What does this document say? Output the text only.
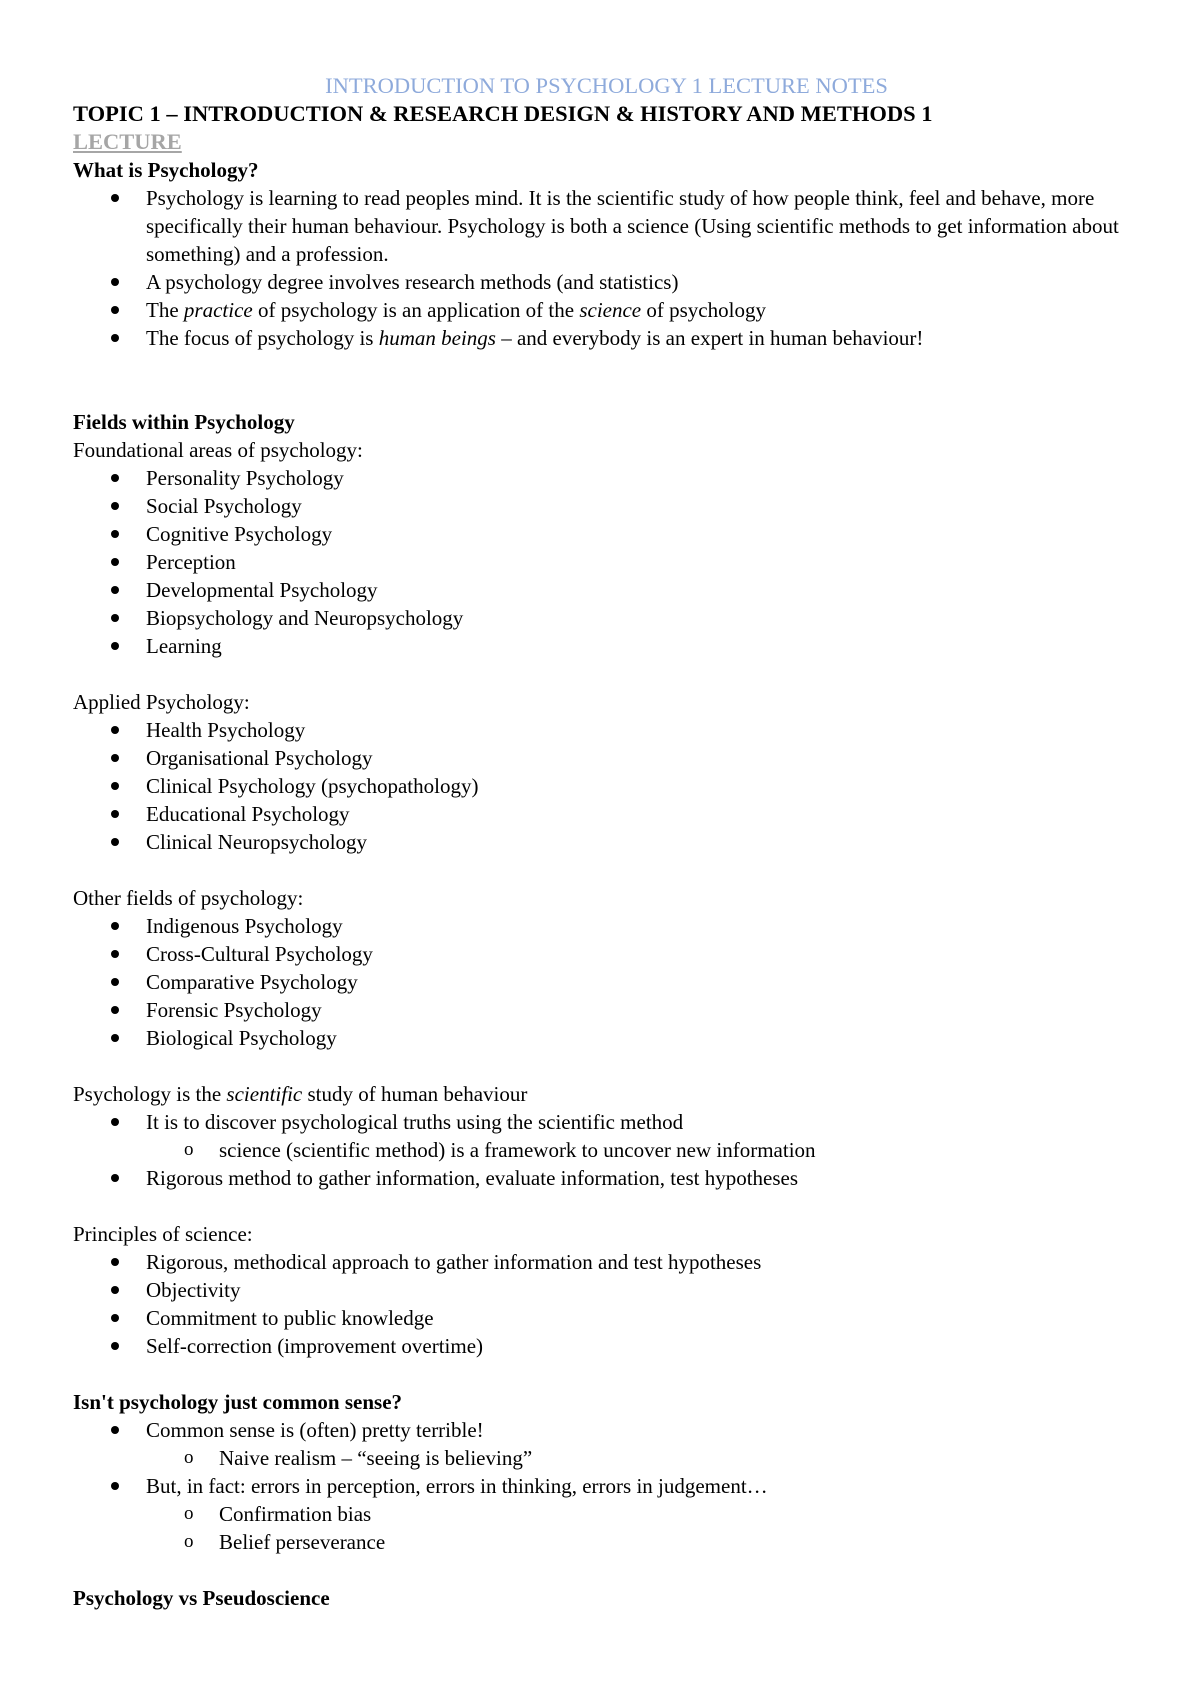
INTRODUCTION TO PSYCHOLOGY 1 LECTURE NOTES
TOPIC 1 – INTRODUCTION & RESEARCH DESIGN & HISTORY AND METHODS 1
LECTURE
What is Psychology?
Psychology is learning to read peoples mind. It is the scientific study of how people think, feel and behave, more specifically their human behaviour. Psychology is both a science (Using scientific methods to get information about something) and a profession.
A psychology degree involves research methods (and statistics)
The practice of psychology is an application of the science of psychology
The focus of psychology is human beings – and everybody is an expert in human behaviour!
Fields within Psychology
Foundational areas of psychology:
Personality Psychology
Social Psychology
Cognitive Psychology
Perception
Developmental Psychology
Biopsychology and Neuropsychology
Learning
Applied Psychology:
Health Psychology
Organisational Psychology
Clinical Psychology (psychopathology)
Educational Psychology
Clinical Neuropsychology
Other fields of psychology:
Indigenous Psychology
Cross-Cultural Psychology
Comparative Psychology
Forensic Psychology
Biological Psychology
Psychology is the scientific study of human behaviour
It is to discover psychological truths using the scientific method
o science (scientific method) is a framework to uncover new information
Rigorous method to gather information, evaluate information, test hypotheses
Principles of science:
Rigorous, methodical approach to gather information and test hypotheses
Objectivity
Commitment to public knowledge
Self-correction (improvement overtime)
Isn't psychology just common sense?
Common sense is (often) pretty terrible!
o Naive realism – “seeing is believing”
But, in fact: errors in perception, errors in thinking, errors in judgement…
o Confirmation bias
o Belief perseverance
Psychology vs Pseudoscience
